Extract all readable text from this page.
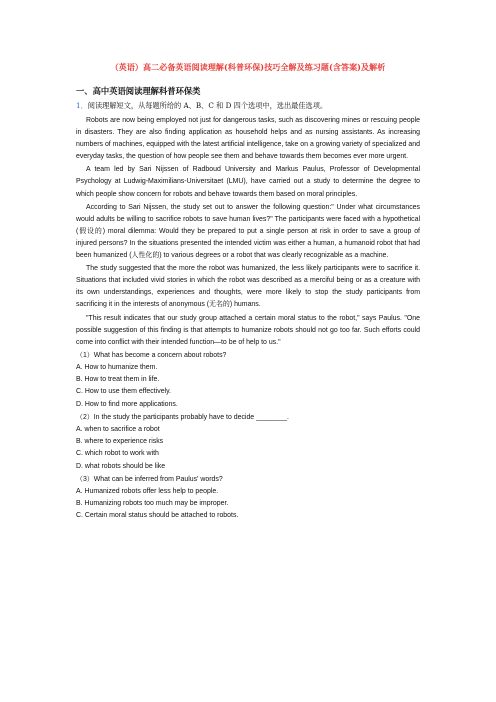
（英语）高二必备英语阅读理解(科普环保)技巧全解及练习题(含答案)及解析
一、高中英语阅读理解科普环保类
1．阅读理解短文，从每题所给的 A、B、C 和 D 四个选项中，选出最佳选项。

Robots are now being employed not just for dangerous tasks, such as discovering mines or rescuing people in disasters. They are also finding application as household helps and as nursing assistants. As increasing numbers of machines, equipped with the latest artificial intelligence, take on a growing variety of specialized and everyday tasks, the question of how people see them and behave towards them becomes ever more urgent.

A team led by Sari Nijssen of Radboud University and Markus Paulus, Professor of Developmental Psychology at Ludwig-Maximilians-Universitaet (LMU), have carried out a study to determine the degree to which people show concern for robots and behave towards them based on moral principles.

According to Sari Nijssen, the study set out to answer the following question:" Under what circumstances would adults be willing to sacrifice robots to save human lives?" The participants were faced with a hypothetical (假设的) moral dilemma: Would they be prepared to put a single person at risk in order to save a group of injured persons? In the situations presented the intended victim was either a human, a humanoid robot that had been humanized (人性化的) to various degrees or a robot that was clearly recognizable as a machine.

The study suggested that the more the robot was humanized, the less likely participants were to sacrifice it. Situations that included vivid stories in which the robot was described as a merciful being or as a creature with its own understandings, experiences and thoughts, were more likely to stop the study participants from sacrificing it in the interests of anonymous (无名的) humans.

"This result indicates that our study group attached a certain moral status to the robot," says Paulus. "One possible suggestion of this finding is that attempts to humanize robots should not go too far. Such efforts could come into conflict with their intended function—to be of help to us."

（1）What has become a concern about robots?

A. How to humanize them.

B. How to treat them in life.

C. How to use them effectively.

D. How to find more applications.

（2）In the study the participants probably have to decide ________.

A. when to sacrifice a robot

B. where to experience risks

C. which robot to work with

D. what robots should be like

（3）What can be inferred from Paulus' words?

A. Humanized robots offer less help to people.

B. Humanizing robots too much may be improper.

C. Certain moral status should be attached to robots.
